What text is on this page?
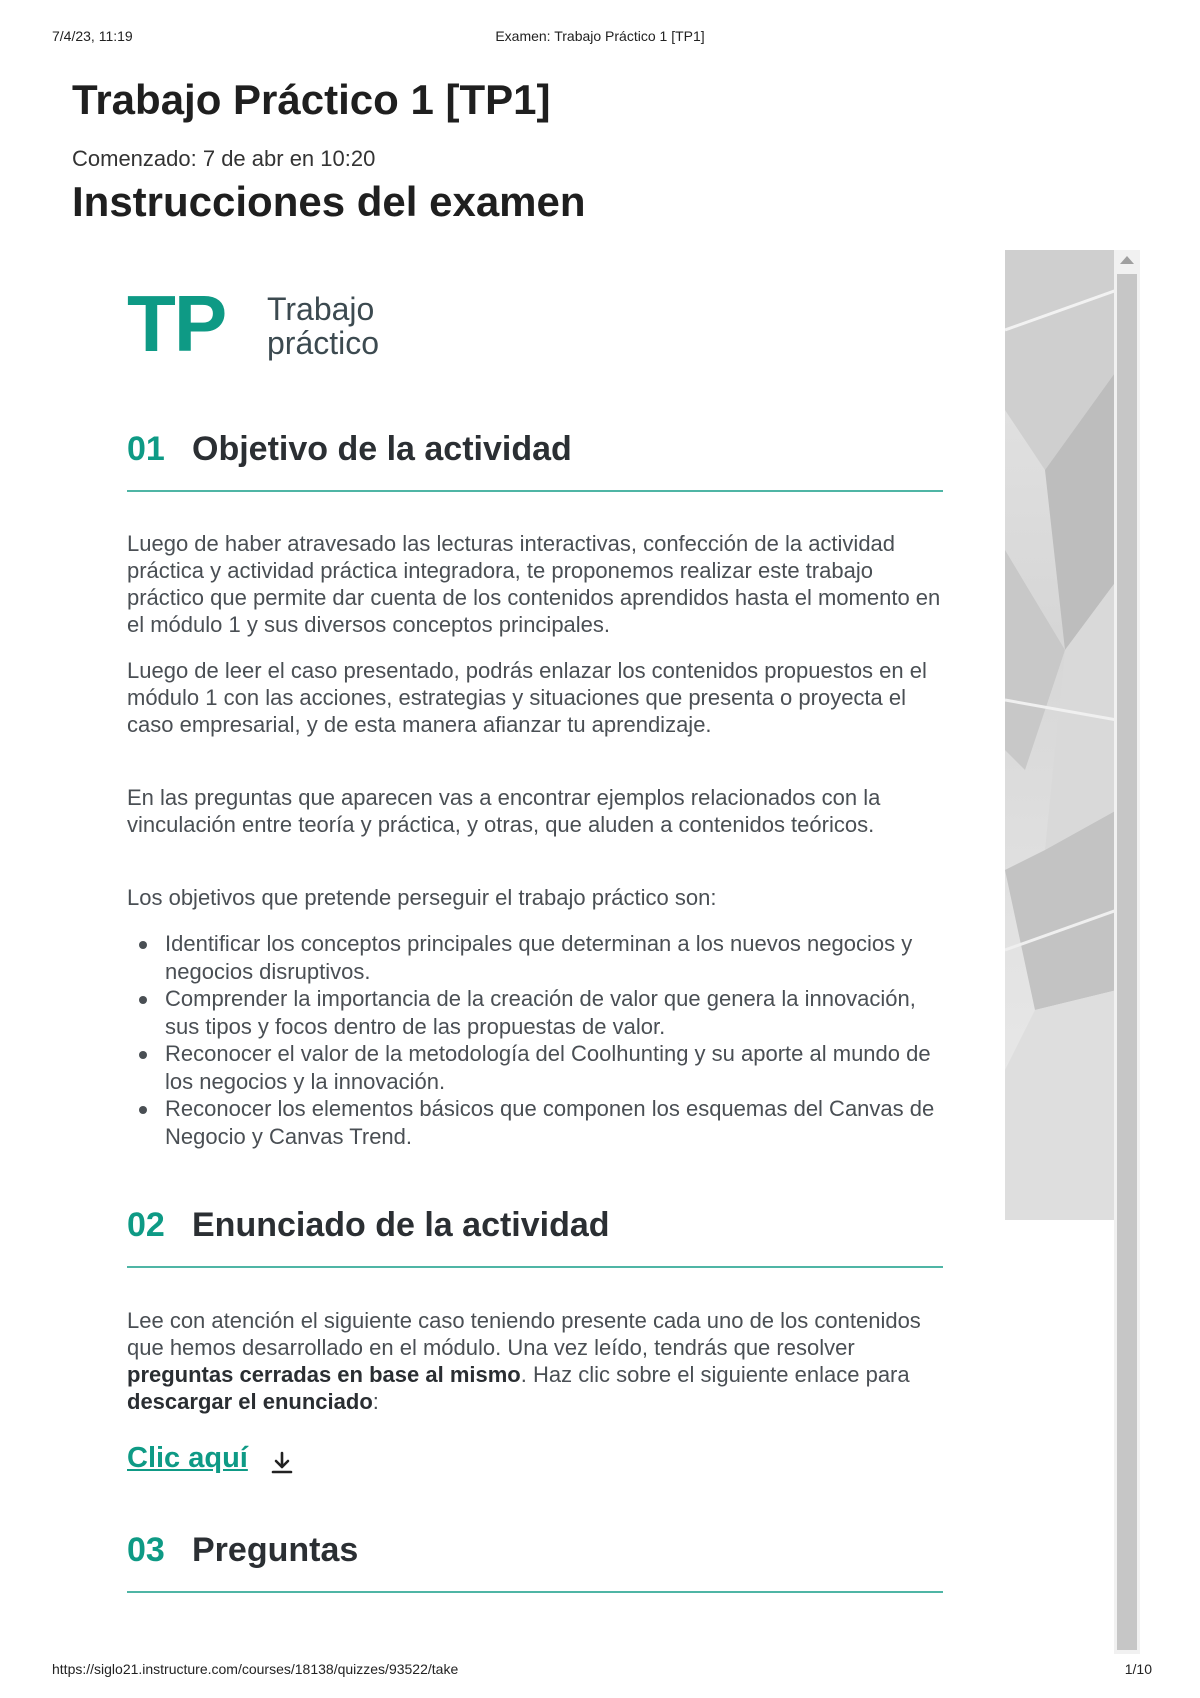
7/4/23, 11:19	Examen: Trabajo Práctico 1 [TP1]
Trabajo Práctico 1 [TP1]
Comenzado: 7 de abr en 10:20
Instrucciones del examen
TP Trabajo
práctico
01 Objetivo de la actividad

Luego de haber atravesado las lecturas interactivas, confección de la actividad práctica y actividad práctica integradora, te proponemos realizar este trabajo práctico que permite dar cuenta de los contenidos aprendidos hasta el momento en el módulo 1 y sus diversos conceptos principales.

Luego de leer el caso presentado, podrás enlazar los contenidos propuestos en el módulo 1 con las acciones, estrategias y situaciones que presenta o proyecta el caso empresarial, y de esta manera afianzar tu aprendizaje.

En las preguntas que aparecen vas a encontrar ejemplos relacionados con la vinculación entre teoría y práctica, y otras, que aluden a contenidos teóricos.

Los objetivos que pretende perseguir el trabajo práctico son:

Identificar los conceptos principales que determinan a los nuevos negocios y negocios disruptivos.
Comprender la importancia de la creación de valor que genera la innovación, sus tipos y focos dentro de las propuestas de valor.
Reconocer el valor de la metodología del Coolhunting y su aporte al mundo de los negocios y la innovación.
Reconocer los elementos básicos que componen los esquemas del Canvas de Negocio y Canvas Trend.
02 Enunciado de la actividad

Lee con atención el siguiente caso teniendo presente cada uno de los contenidos que hemos desarrollado en el módulo. Una vez leído, tendrás que resolver preguntas cerradas en base al mismo. Haz clic sobre el siguiente enlace para descargar el enunciado:

Clic aquí
03 Preguntas
https://siglo21.instructure.com/courses/18138/quizzes/93522/take	1/10
